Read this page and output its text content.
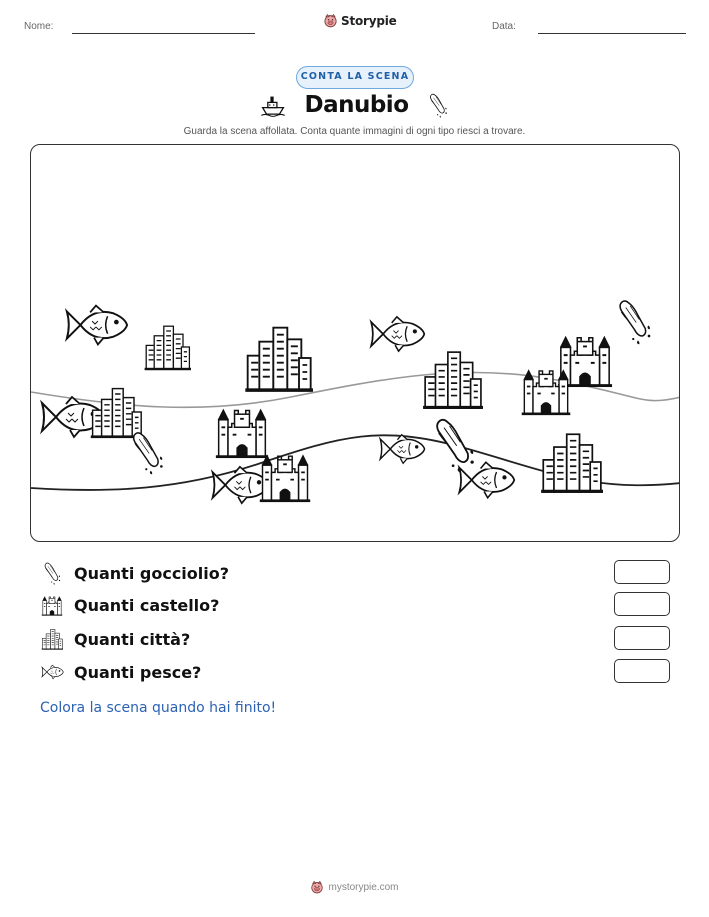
Nome:	Storypie	Data:
CONTA LA SCENA
Danubio
Guarda la scena affollata. Conta quante immagini di ogni tipo riesci a trovare.
Quanti gocciolio?
Quanti castello?
Quanti città?
Quanti pesce?
Colora la scena quando hai finito!
mystorypie.com
